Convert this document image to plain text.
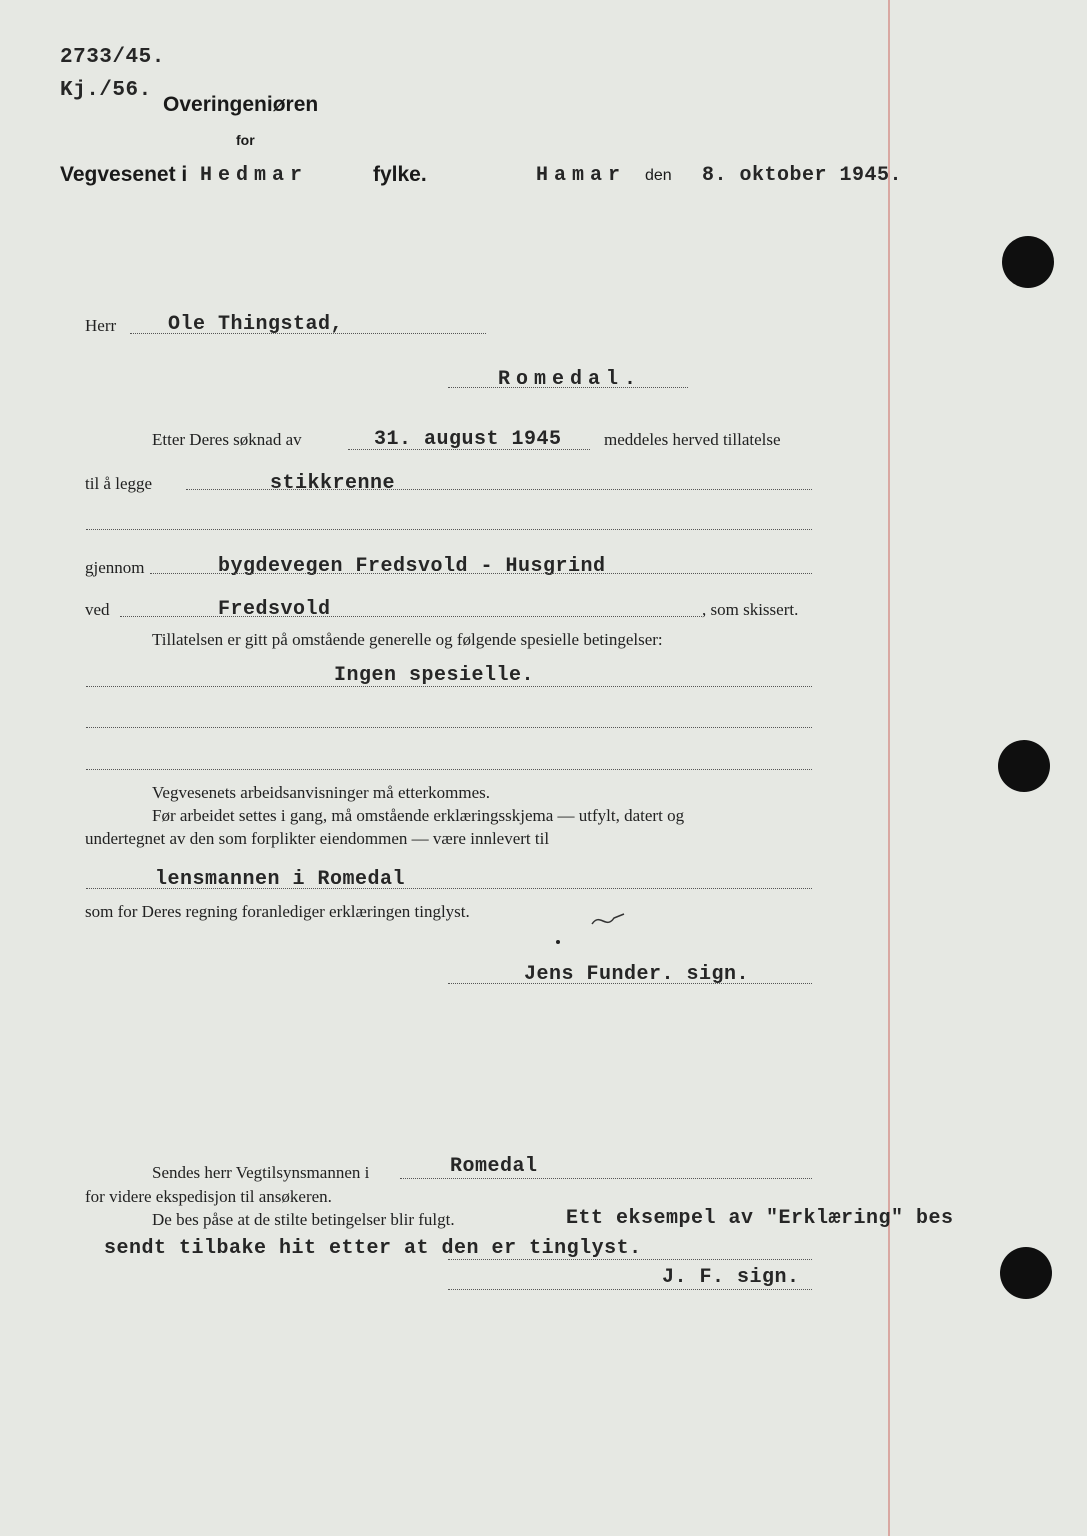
2733/45.
Kj./56.
Overingeniøren
for
Vegvesenet i Hedmar	fylke.	Hamar den 8. oktober 1945.
Herr	Ole Thingstad,
Romedal.
Etter Deres søknad av	31. august 1945 meddeles herved tillatelse
til å legge	stikkrenne
gjennom	bygdevegen Fredsvold - Husgrind
ved	Fredsvold	, som skissert.
Tillatelsen er gitt på omstående generelle og følgende spesielle betingelser:
Ingen spesielle.
Vegvesenets arbeidsanvisninger må etterkommes.
Før arbeidet settes i gang, må omstående erklæringsskjema — utfylt, datert og
undertegnet av den som forplikter eiendommen — være innlevert til
lensmannen i Romedal
som for Deres regning foranlediger erklæringen tinglyst.
Jens Funder. sign.
Sendes herr Vegtilsynsmannen i	Romedal
for videre ekspedisjon til ansøkeren.
De bes påse at de stilte betingelser blir fulgt.	Ett eksempel av "Erklæring" bes
sendt tilbake hit etter at den er tinglyst.
J. F. sign.
